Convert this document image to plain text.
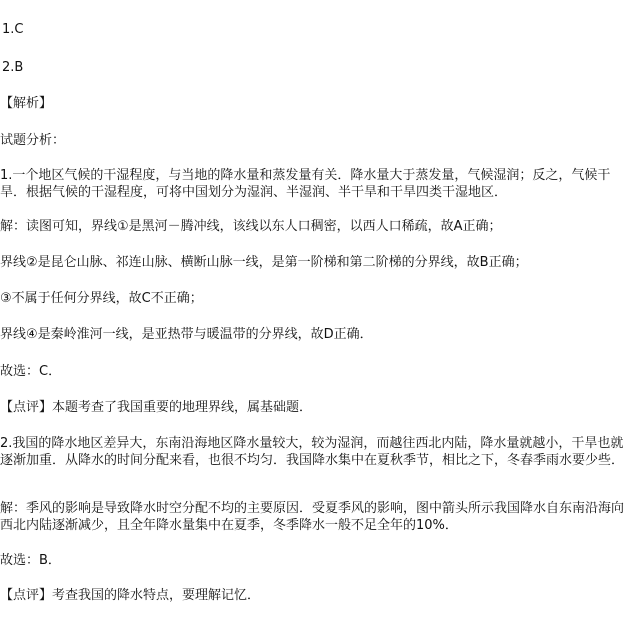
1.C

2.B

【解析】

试题分析：

1.一个地区气候的干湿程度，与当地的降水量和蒸发量有关．降水量大于蒸发量，气候湿润；反之，气候干旱．根据气候的干湿程度，可将中国划分为湿润、半湿润、半干旱和干旱四类干湿地区．

解：读图可知，界线①是黑河－腾冲线，该线以东人口稠密，以西人口稀疏，故A正确；

界线②是昆仑山脉、祁连山脉、横断山脉一线，是第一阶梯和第二阶梯的分界线，故B正确；

③不属于任何分界线，故C不正确；

界线④是秦岭淮河一线，是亚热带与暖温带的分界线，故D正确．

故选：C．

【点评】本题考查了我国重要的地理界线，属基础题．

2.我国的降水地区差异大，东南沿海地区降水量较大，较为湿润，而越往西北内陆，降水量就越小，干旱也就逐渐加重．从降水的时间分配来看，也很不均匀．我国降水集中在夏秋季节，相比之下，冬春季雨水要少些．

解：季风的影响是导致降水时空分配不均的主要原因．受夏季风的影响，图中箭头所示我国降水自东南沿海向西北内陆逐渐减少，且全年降水量集中在夏季，冬季降水一般不足全年的10%．

故选：B．

【点评】考查我国的降水特点，要理解记忆．
